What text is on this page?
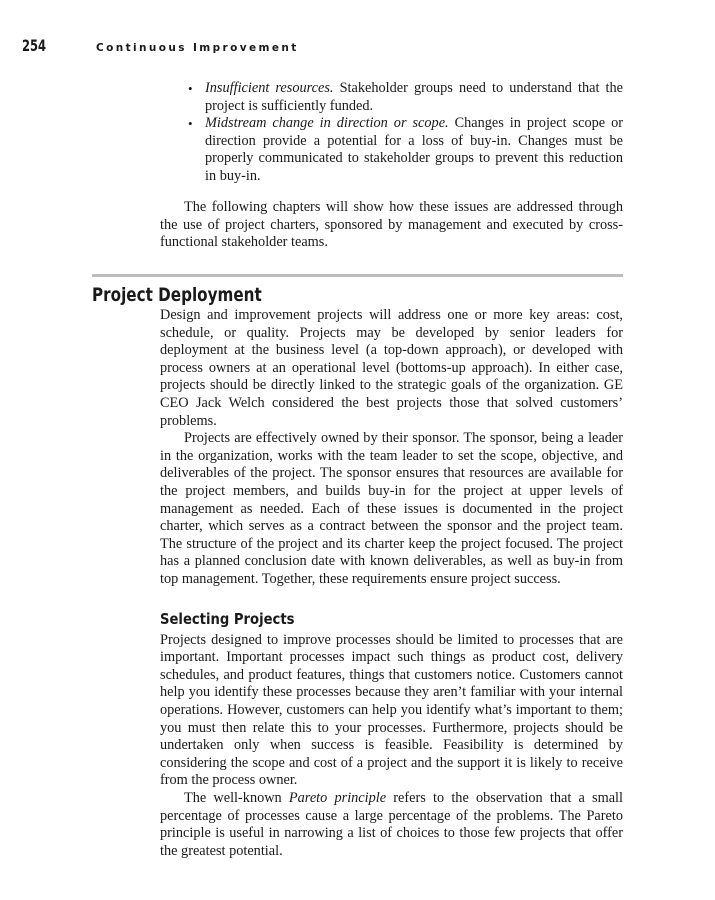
254	Continuous Improvement
• Insufficient resources. Stakeholder groups need to understand that the project is sufficiently funded.
• Midstream change in direction or scope. Changes in project scope or direction provide a potential for a loss of buy-in. Changes must be properly communicated to stakeholder groups to prevent this reduction in buy-in.

The following chapters will show how these issues are addressed through the use of project charters, sponsored by management and executed by cross-functional stakeholder teams.

Project Deployment

Design and improvement projects will address one or more key areas: cost, schedule, or quality. Projects may be developed by senior leaders for deployment at the business level (a top-down approach), or developed with process owners at an operational level (bottoms-up approach). In either case, projects should be directly linked to the strategic goals of the organization. GE CEO Jack Welch considered the best projects those that solved customers’ problems.

Projects are effectively owned by their sponsor. The sponsor, being a leader in the organization, works with the team leader to set the scope, objective, and deliverables of the project. The sponsor ensures that resources are available for the project members, and builds buy-in for the project at upper levels of management as needed. Each of these issues is documented in the project charter, which serves as a contract between the sponsor and the project team. The structure of the project and its charter keep the project focused. The project has a planned conclusion date with known deliverables, as well as buy-in from top management. Together, these requirements ensure project success.

Selecting Projects

Projects designed to improve processes should be limited to processes that are important. Important processes impact such things as product cost, delivery schedules, and product features, things that customers notice. Customers cannot help you identify these processes because they aren’t familiar with your internal operations. However, customers can help you identify what’s important to them; you must then relate this to your processes. Furthermore, projects should be undertaken only when success is feasible. Feasibility is determined by considering the scope and cost of a project and the support it is likely to receive from the process owner.

The well-known Pareto principle refers to the observation that a small percentage of processes cause a large percentage of the problems. The Pareto principle is useful in narrowing a list of choices to those few projects that offer the greatest potential.
